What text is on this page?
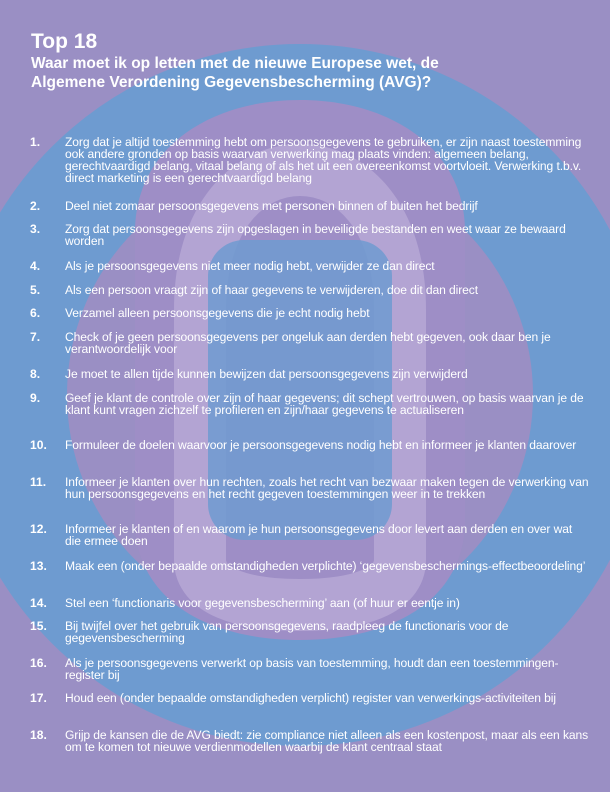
Top 18
Waar moet ik op letten met de nieuwe Europese wet, de Algemene Verordening Gegevensbescherming (AVG)?
1.	Zorg dat je altijd toestemming hebt om persoonsgegevens te gebruiken, er zijn naast toestemming ook andere gronden op basis waarvan verwerking mag plaats vinden: algemeen belang, gerechtvaardigd belang, vitaal belang of als het uit een overeenkomst voortvloeit. Verwerking t.b.v. direct marketing is een gerechtvaardigd belang
2.	Deel niet zomaar persoonsgegevens met personen binnen of buiten het bedrijf
3.	Zorg dat persoonsgegevens zijn opgeslagen in beveiligde bestanden en weet waar ze bewaard worden
4.	Als je persoonsgegevens niet meer nodig hebt, verwijder ze dan direct
5.	Als een persoon vraagt zijn of haar gegevens te verwijderen, doe dit dan direct
6.	Verzamel alleen persoonsgegevens die je echt nodig hebt
7.	Check of je geen persoonsgegevens per ongeluk aan derden hebt gegeven, ook daar ben je verantwoordelijk voor
8.	Je moet te allen tijde kunnen bewijzen dat persoonsgegevens zijn verwijderd
9.	Geef je klant de controle over zijn of haar gegevens; dit schept vertrouwen, op basis waarvan je de klant kunt vragen zichzelf te profileren en zijn/haar gegevens te actualiseren
10.	Formuleer de doelen waarvoor je persoonsgegevens nodig hebt en informeer je klanten daarover
11.	Informeer je klanten over hun rechten, zoals het recht van bezwaar maken tegen de verwerking van hun persoonsgegevens en het recht gegeven toestemmingen weer in te trekken
12.	Informeer je klanten of en waarom je hun persoonsgegevens door levert aan derden en over wat die ermee doen
13.	Maak een (onder bepaalde omstandigheden verplichte) ‘gegevensbeschermings-effectbeoordeling’
14.	Stel een ‘functionaris voor gegevensbescherming’ aan (of huur er eentje in)
15.	Bij twijfel over het gebruik van persoonsgegevens, raadpleeg de functionaris voor de gegevensbescherming
16.	Als je persoonsgegevens verwerkt op basis van toestemming, houdt dan een toestemmingen-register bij
17.	Houd een (onder bepaalde omstandigheden verplicht) register van verwerkings-activiteiten bij
18.	Grijp de kansen die de AVG biedt: zie compliance niet alleen als een kostenpost, maar als een kans om te komen tot nieuwe verdienmodellen waarbij de klant centraal staat
